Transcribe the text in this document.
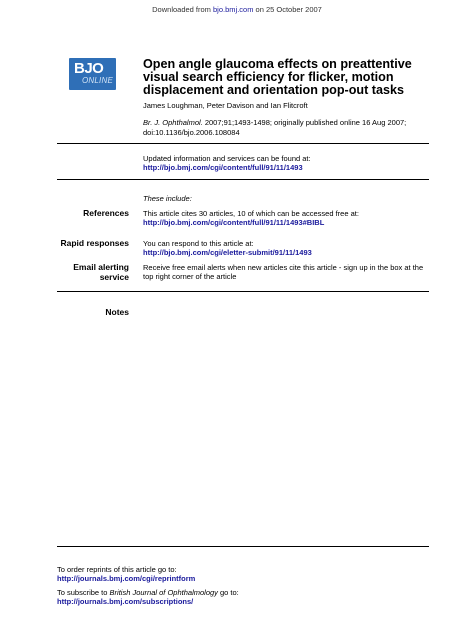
Downloaded from bjo.bmj.com on 25 October 2007
BJO
ONLINE
Open angle glaucoma effects on preattentive
visual search efficiency for flicker, motion
displacement and orientation pop-out tasks
James Loughman, Peter Davison and Ian Flitcroft
Br. J. Ophthalmol. 2007;91;1493-1498; originally published online 16 Aug 2007;
doi:10.1136/bjo.2006.108084
Updated information and services can be found at:
http://bjo.bmj.com/cgi/content/full/91/11/1493
These include:
References This article cites 30 articles, 10 of which can be accessed free at:
http://bjo.bmj.com/cgi/content/full/91/11/1493#BIBL
Rapid responses You can respond to this article at:
http://bjo.bmj.com/cgi/eletter-submit/91/11/1493
Email alerting
service
Receive free email alerts when new articles cite this article - sign up in the box at the top right corner of the article
Notes
To order reprints of this article go to:
http://journals.bmj.com/cgi/reprintform
To subscribe to British Journal of Ophthalmology go to:
http://journals.bmj.com/subscriptions/
